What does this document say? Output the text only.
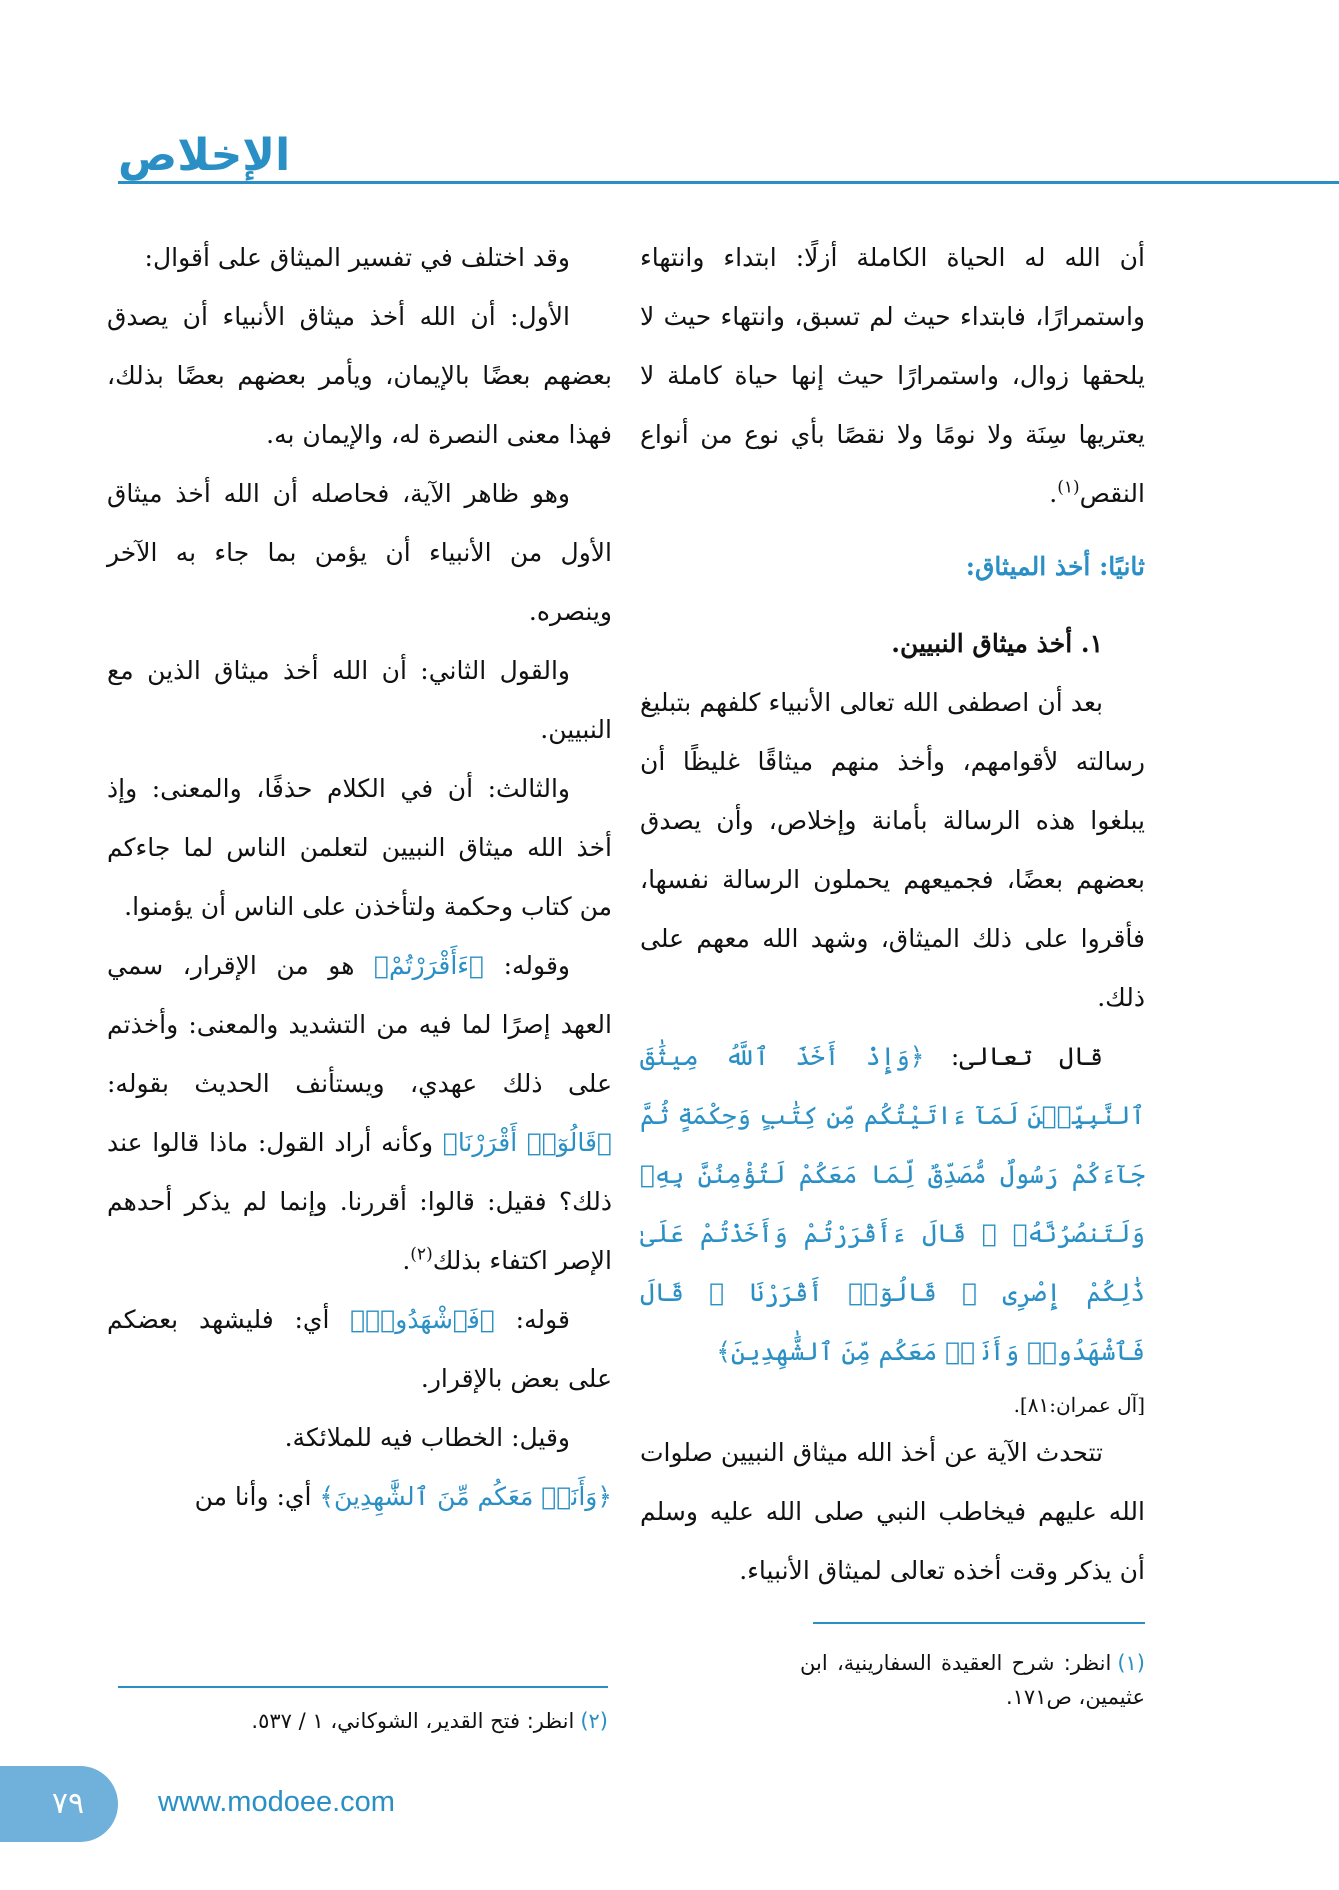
الإخلاص

أن الله له الحياة الكاملة أزلًا: ابتداء وانتهاء واستمرارًا، فابتداء حيث لم تسبق، وانتهاء حيث لا يلحقها زوال، واستمرارًا حيث إنها حياة كاملة لا يعتريها سِنَة ولا نومًا ولا نقصًا بأي نوع من أنواع النقص$^{(١)}$.

ثانيًا: أخذ الميثاق:

١. أخذ ميثاق النبيين.

بعد أن اصطفى الله تعالى الأنبياء كلفهم بتبليغ رسالته لأقوامهم، وأخذ منهم ميثاقًا غليظًا أن يبلغوا هذه الرسالة بأمانة وإخلاص، وأن يصدق بعضهم بعضًا، فجميعهم يحملون الرسالة نفسها، فأقروا على ذلك الميثاق، وشهد الله معهم على ذلك.

قال تعالى: ﴿وَإِذْ أَخَذَ ٱللَّهُ مِيثَٰقَ ٱلنَّبِيِّـۧنَ لَمَآ ءَاتَيْتُكُم مِّن كِتَٰبٍ وَحِكْمَةٍ ثُمَّ جَآءَكُمْ رَسُولٌ مُّصَدِّقٌ لِّمَا مَعَكُمْ لَتُؤْمِنُنَّ بِهِۦ وَلَتَنصُرُنَّهُۥ ۚ قَالَ ءَأَقْرَرْتُمْ وَأَخَذْتُمْ عَلَىٰ ذَٰلِكُمْ إِصْرِى ۖ قَالُوٓا۟ أَقْرَرْنَا ۚ قَالَ فَٱشْهَدُوا۟ وَأَنَا۠ مَعَكُم مِّنَ ٱلشَّٰهِدِينَ﴾

[آل عمران:٨١].

تتحدث الآية عن أخذ الله ميثاق النبيين صلوات الله عليهم فيخاطب النبي صلى الله عليه وسلم أن يذكر وقت أخذه تعالى لميثاق الأنبياء.

وقد اختلف في تفسير الميثاق على أقوال:

الأول: أن الله أخذ ميثاق الأنبياء أن يصدق بعضهم بعضًا بالإيمان، ويأمر بعضهم بعضًا بذلك، فهذا معنى النصرة له، والإيمان به.

وهو ظاهر الآية، فحاصله أن الله أخذ ميثاق الأول من الأنبياء أن يؤمن بما جاء به الآخر وينصره.

والقول الثاني: أن الله أخذ ميثاق الذين مع النبيين.

والثالث: أن في الكلام حذفًا، والمعنى: وإذ أخذ الله ميثاق النبيين لتعلمن الناس لما جاءكم من كتاب وحكمة ولتأخذن على الناس أن يؤمنوا.

وقوله: ﴿ءَأَقْرَرْتُمْ﴾ هو من الإقرار، سمي العهد إصرًا لما فيه من التشديد والمعنى: وأخذتم على ذلك عهدي، ويستأنف الحديث بقوله: ﴿قَالُوٓا۟ أَقْرَرْنَا﴾ وكأنه أراد القول: ماذا قالوا عند ذلك؟ فقيل: قالوا: أقررنا. وإنما لم يذكر أحدهم الإصر اكتفاء بذلك$^{(٢)}$.

قوله: ﴿فَٱشْهَدُوا۟﴾ أي: فليشهد بعضكم على بعض بالإقرار.

وقيل: الخطاب فيه للملائكة.

﴿وَأَنَا۠ مَعَكُم مِّنَ ٱلشَّٰهِدِينَ﴾ أي: وأنا من

(١)انظر: شرح العقيدة السفارينية، ابن عثيمين، ص١٧١.

(٢)انظر: فتح القدير، الشوكاني، ١ / ٥٣٧.

٧٩	www.modoee.com
